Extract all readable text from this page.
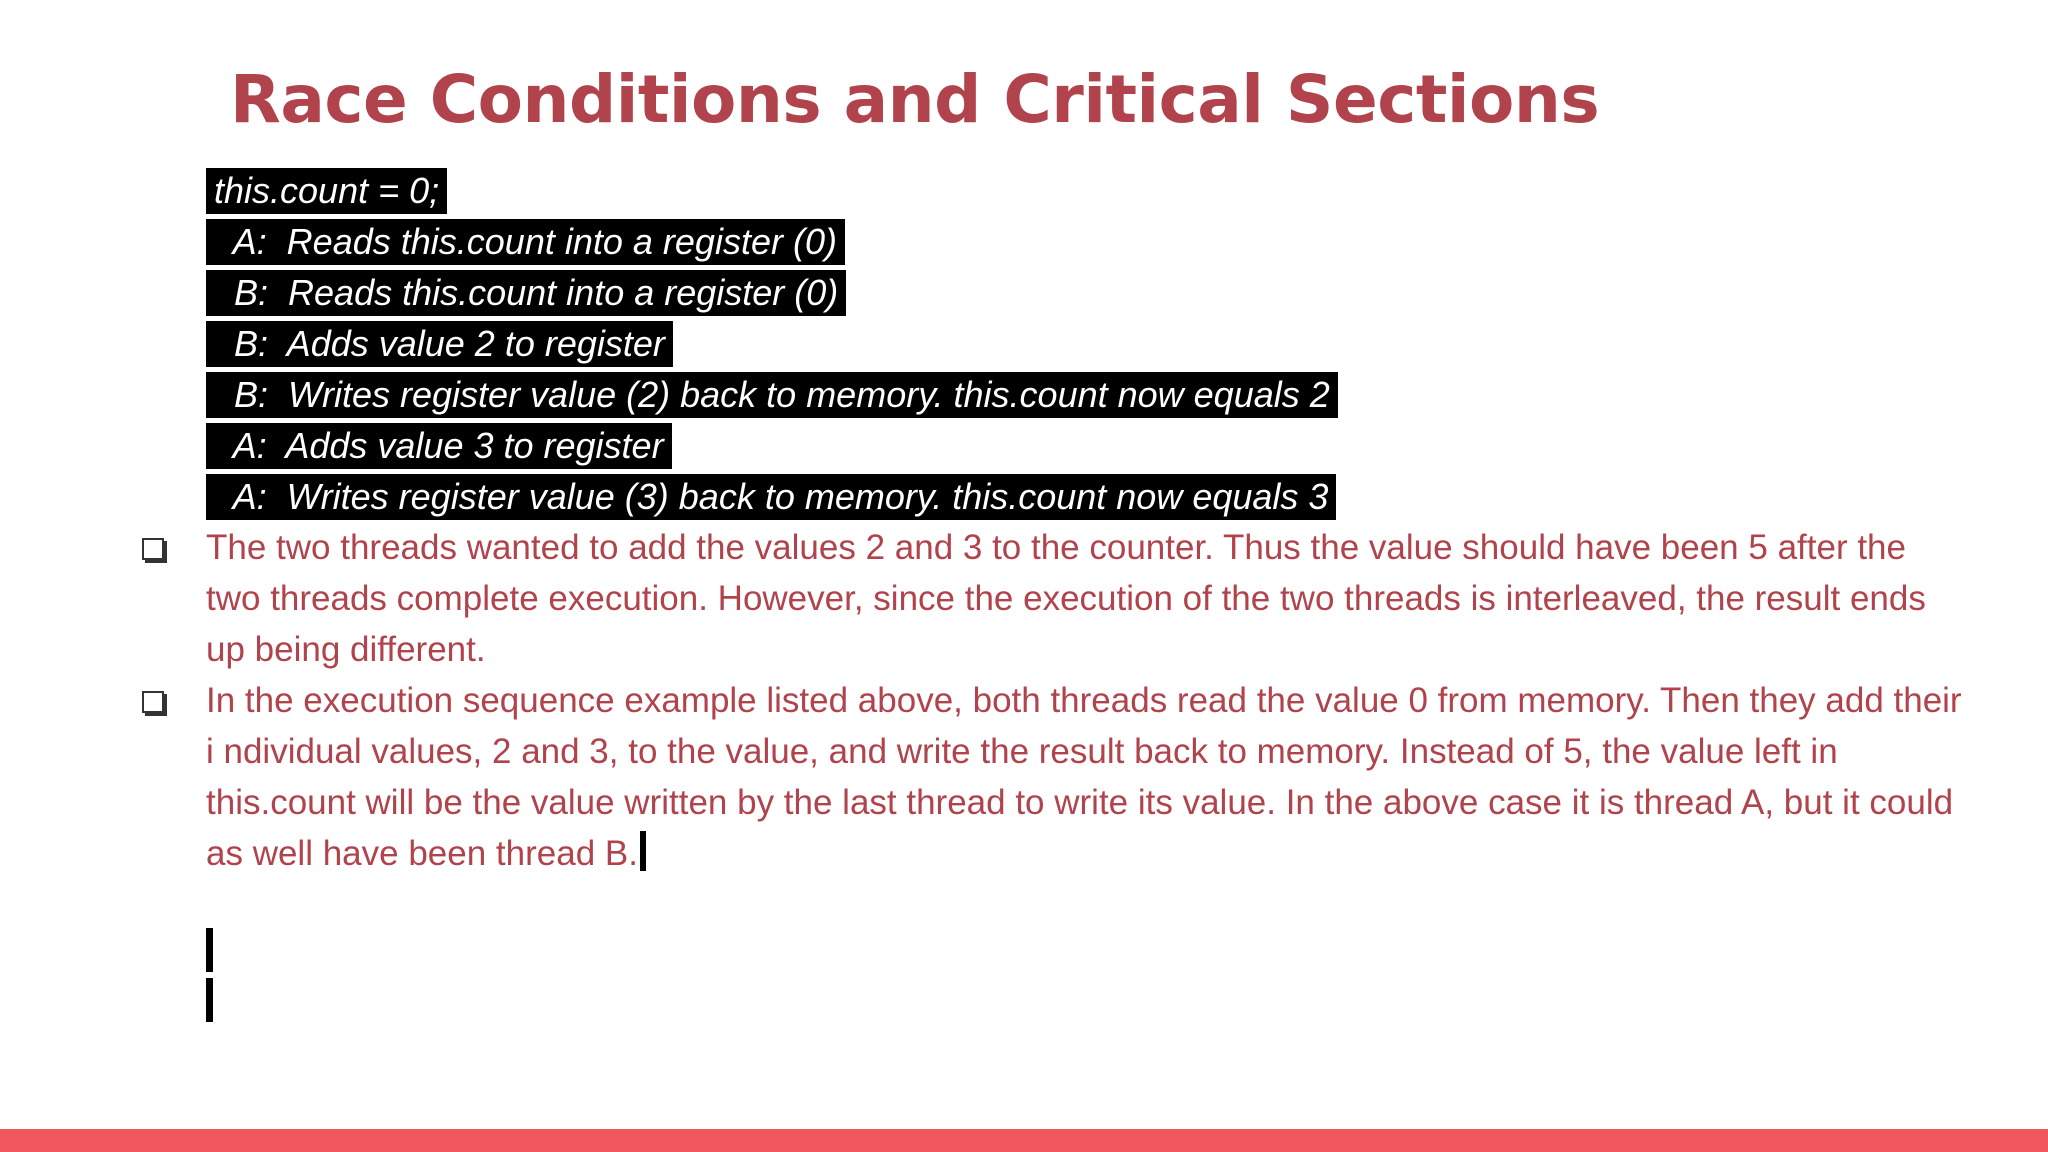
Race Conditions and Critical Sections
this.count = 0;
A:  Reads this.count into a register (0)
B:  Reads this.count into a register (0)
B:  Adds value 2 to register
B:  Writes register value (2) back to memory. this.count now equals 2
A:  Adds value 3 to register
A:  Writes register value (3) back to memory. this.count now equals 3
The two threads wanted to add the values 2 and 3 to the counter. Thus the value should have been 5 after the two threads complete execution. However, since the execution of the two threads is interleaved, the result ends up being different.
In the execution sequence example listed above, both threads read the value 0 from memory. Then they add their i ndividual values, 2 and 3, to the value, and write the result back to memory. Instead of 5, the value left in this.count will be the value written by the last thread to write its value. In the above case it is thread A, but it could as well have been thread B.
